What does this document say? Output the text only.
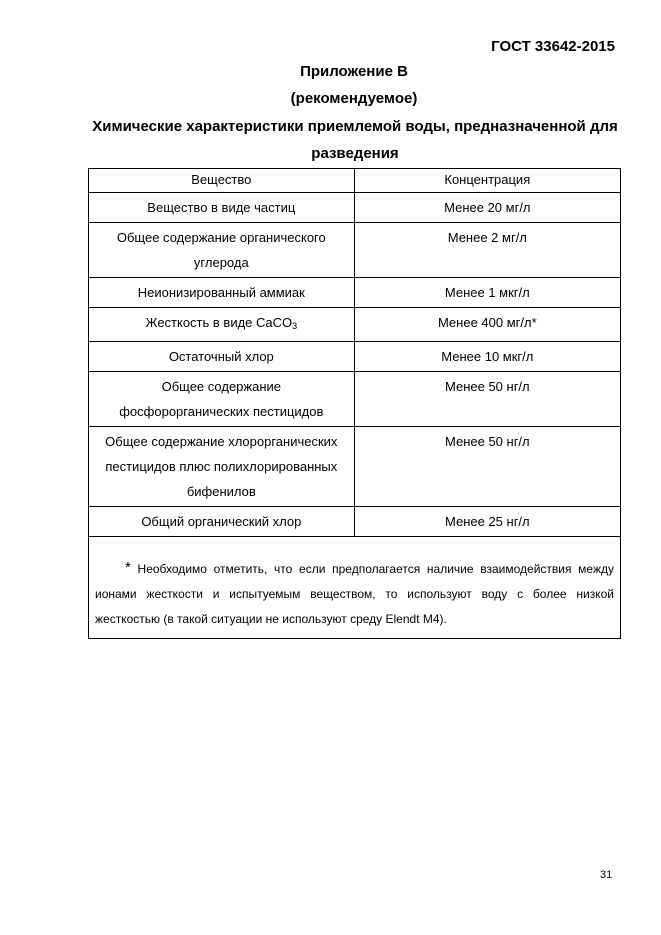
ГОСТ 33642-2015
Приложение В
(рекомендуемое)
Химические характеристики приемлемой воды, предназначенной для разведения
Вещество	Концентрация
Вещество в виде частиц	Менее 20 мг/л
Общее содержание органического углерода	Менее 2 мг/л
Неионизированный аммиак	Менее 1 мкг/л
Жесткость в виде CaCO$_3$	Менее 400 мг/л*
Остаточный хлор	Менее 10 мкг/л
Общее содержание фосфорорганических пестицидов	Менее 50 нг/л
Общее содержание хлорорганических пестицидов плюс полихлорированных бифенилов	Менее 50 нг/л
Общий органический хлор	Менее 25 нг/л

* Необходимо отметить, что если предполагается наличие взаимодействия между ионами жесткости и испытуемым веществом, то используют воду с более низкой жесткостью (в такой ситуации не используют среду Elendt M4).	
31
